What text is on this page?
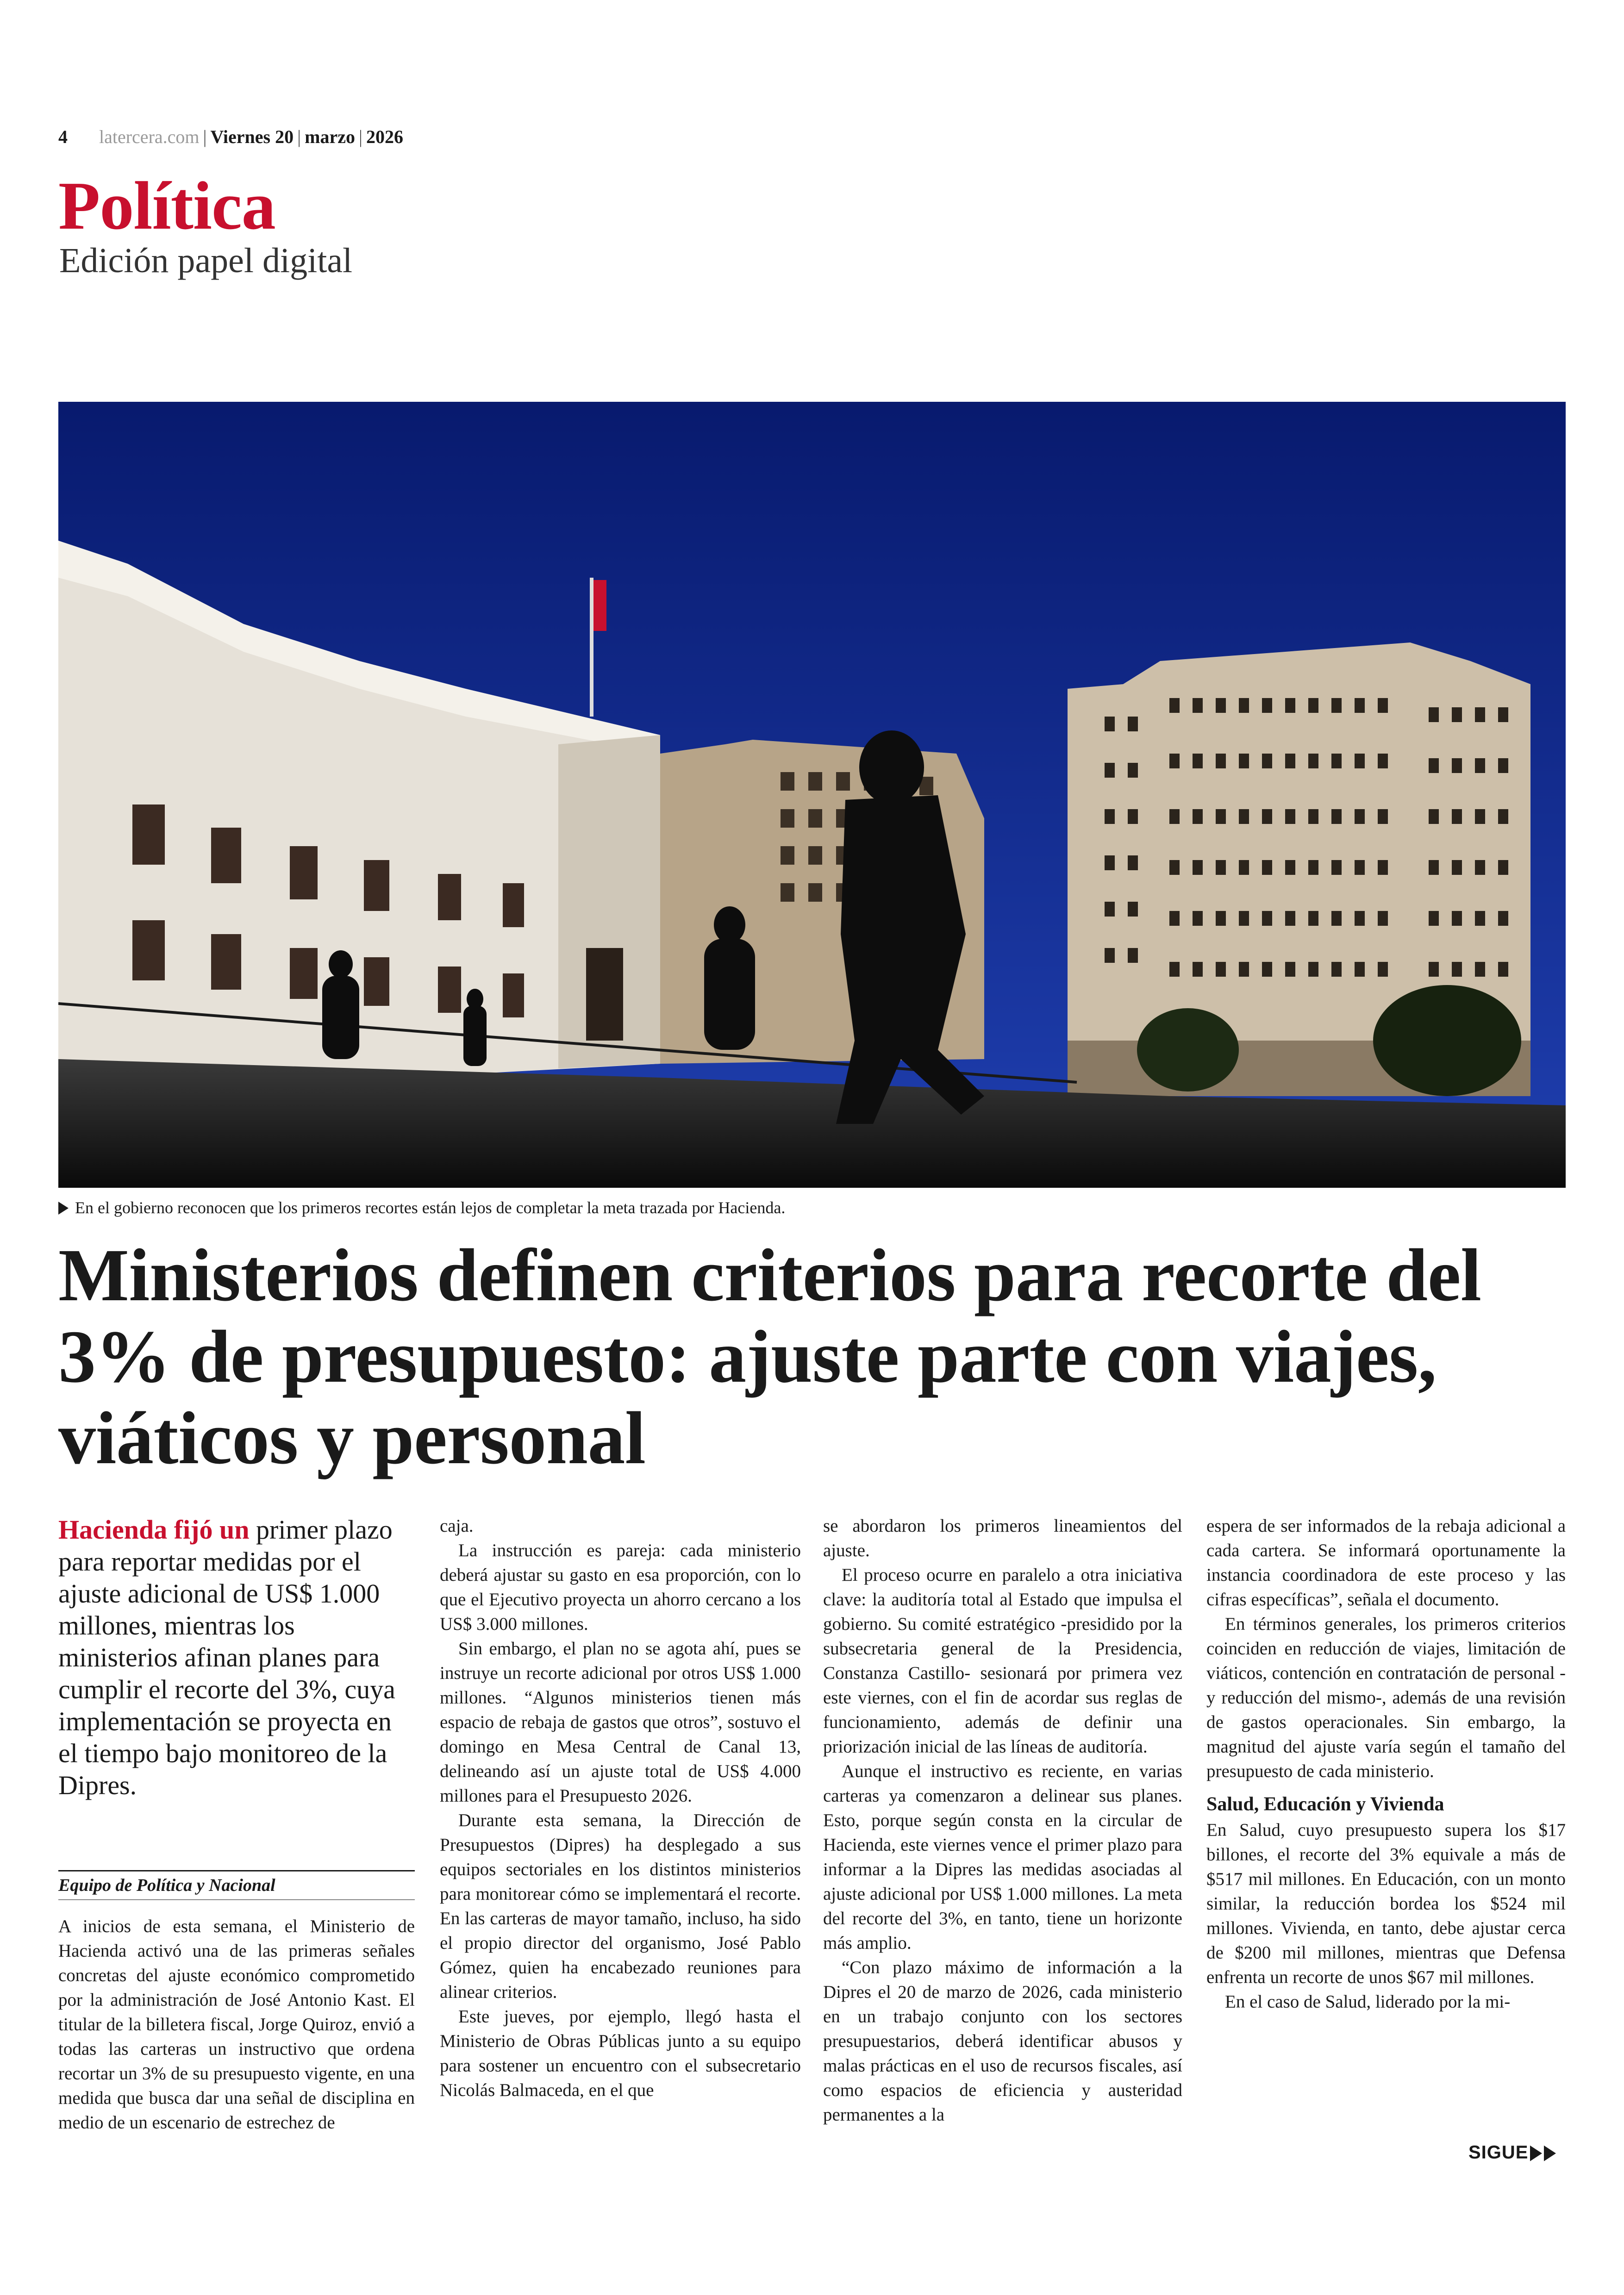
4 latercera.com | Viernes 20 | marzo | 2026
Política
Edición papel digital
En el gobierno reconocen que los primeros recortes están lejos de completar la meta trazada por Hacienda.
Ministerios definen criterios para recorte del 3% de presupuesto: ajuste parte con viajes, viáticos y personal
Hacienda fijó un primer plazo para reportar medidas por el ajuste adicional de US$ 1.000 millones, mientras los ministerios afinan planes para cumplir el recorte del 3%, cuya implementación se proyecta en el tiempo bajo monitoreo de la Dipres.
Equipo de Política y Nacional

A inicios de esta semana, el Ministerio de Hacienda activó una de las primeras señales concretas del ajuste económico comprometido por la administración de José Antonio Kast. El titular de la billetera fiscal, Jorge Quiroz, envió a todas las carteras un instructivo que ordena recortar un 3% de su presupuesto vigente, en una medida que busca dar una señal de disciplina en medio de un escenario de estrechez de

caja.

La instrucción es pareja: cada ministerio deberá ajustar su gasto en esa proporción, con lo que el Ejecutivo proyecta un ahorro cercano a los US$ 3.000 millones.

Sin embargo, el plan no se agota ahí, pues se instruye un recorte adicional por otros US$ 1.000 millones. “Algunos ministerios tienen más espacio de rebaja de gastos que otros”, sostuvo el domingo en Mesa Central de Canal 13, delineando así un ajuste total de US$ 4.000 millones para el Presupuesto 2026.

Durante esta semana, la Dirección de Presupuestos (Dipres) ha desplegado a sus equipos sectoriales en los distintos ministerios para monitorear cómo se implementará el recorte. En las carteras de mayor tamaño, incluso, ha sido el propio director del organismo, José Pablo Gómez, quien ha encabezado reuniones para alinear criterios.

Este jueves, por ejemplo, llegó hasta el Ministerio de Obras Públicas junto a su equipo para sostener un encuentro con el subsecretario Nicolás Balmaceda, en el que

se abordaron los primeros lineamientos del ajuste.

El proceso ocurre en paralelo a otra iniciativa clave: la auditoría total al Estado que impulsa el gobierno. Su comité estratégico -presidido por la subsecretaria general de la Presidencia, Constanza Castillo- sesionará por primera vez este viernes, con el fin de acordar sus reglas de funcionamiento, además de definir una priorización inicial de las líneas de auditoría.

Aunque el instructivo es reciente, en varias carteras ya comenzaron a delinear sus planes. Esto, porque según consta en la circular de Hacienda, este viernes vence el primer plazo para informar a la Dipres las medidas asociadas al ajuste adicional por US$ 1.000 millones. La meta del recorte del 3%, en tanto, tiene un horizonte más amplio.

“Con plazo máximo de información a la Dipres el 20 de marzo de 2026, cada ministerio en un trabajo conjunto con los sectores presupuestarios, deberá identificar abusos y malas prácticas en el uso de recursos fiscales, así como espacios de eficiencia y austeridad permanentes a la

espera de ser informados de la rebaja adicional a cada cartera. Se informará oportunamente la instancia coordinadora de este proceso y las cifras específicas”, señala el documento.

En términos generales, los primeros criterios coinciden en reducción de viajes, limitación de viáticos, contención en contratación de personal -y reducción del mismo-, además de una revisión de gastos operacionales. Sin embargo, la magnitud del ajuste varía según el tamaño del presupuesto de cada ministerio.

Salud, Educación y Vivienda

En Salud, cuyo presupuesto supera los $17 billones, el recorte del 3% equivale a más de $517 mil millones. En Educación, con un monto similar, la reducción bordea los $524 mil millones. Vivienda, en tanto, debe ajustar cerca de $200 mil millones, mientras que Defensa enfrenta un recorte de unos $67 mil millones.

En el caso de Salud, liderado por la mi-

SIGUE
